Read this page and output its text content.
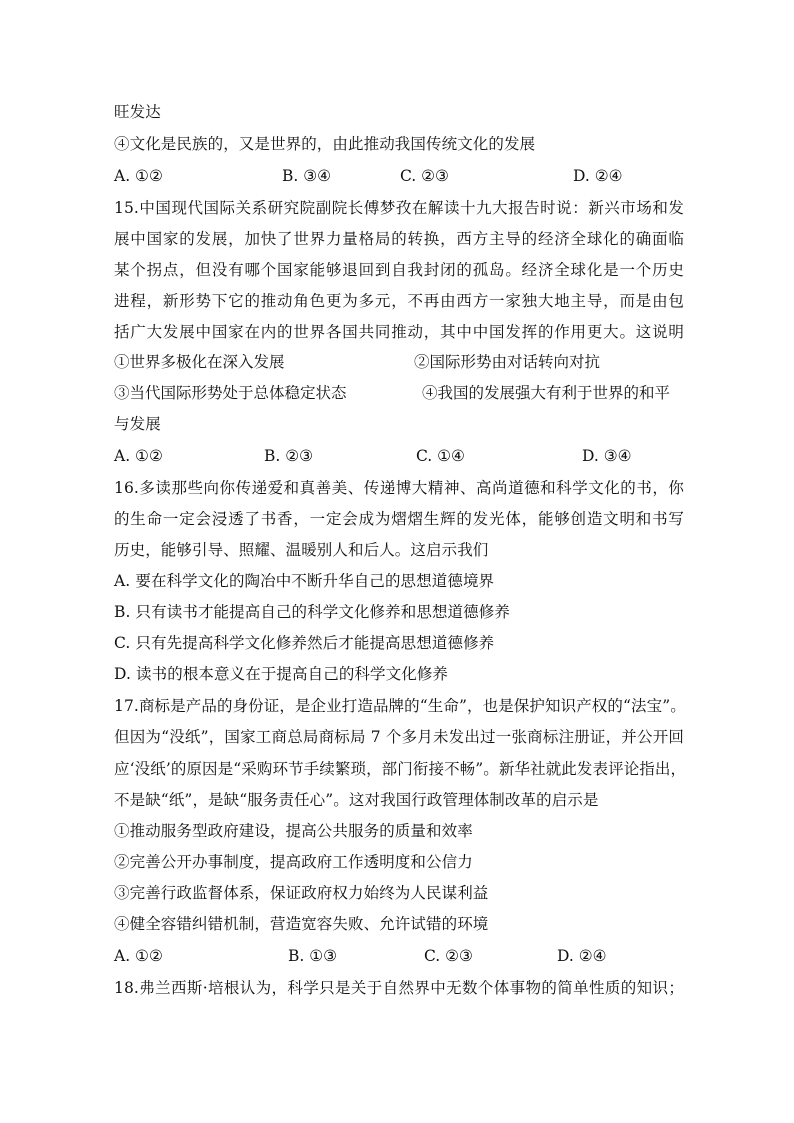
旺发达
④文化是民族的，又是世界的，由此推动我国传统文化的发展
A. ①②	B. ③④	C. ②③	D. ②④
15.中国现代国际关系研究院副院长傅梦孜在解读十九大报告时说：新兴市场和发
展中国家的发展，加快了世界力量格局的转换，西方主导的经济全球化的确面临
某个拐点，但没有哪个国家能够退回到自我封闭的孤岛。经济全球化是一个历史
进程，新形势下它的推动角色更为多元，不再由西方一家独大地主导，而是由包
括广大发展中国家在内的世界各国共同推动，其中中国发挥的作用更大。这说明
①世界多极化在深入发展	②国际形势由对话转向对抗
③当代国际形势处于总体稳定状态	④我国的发展强大有利于世界的和平
与发展
A. ①②	B. ②③	C. ①④	D. ③④
16.多读那些向你传递爱和真善美、传递博大精神、高尚道德和科学文化的书，你
的生命一定会浸透了书香，一定会成为熠熠生辉的发光体，能够创造文明和书写
历史，能够引导、照耀、温暖别人和后人。这启示我们
A. 要在科学文化的陶冶中不断升华自己的思想道德境界
B. 只有读书才能提高自己的科学文化修养和思想道德修养
C. 只有先提高科学文化修养然后才能提高思想道德修养
D. 读书的根本意义在于提高自己的科学文化修养
17.商标是产品的身份证，是企业打造品牌的“生命”，也是保护知识产权的“法宝”。
但因为“没纸”，国家工商总局商标局 7 个多月未发出过一张商标注册证，并公开回
应‘没纸’的原因是“采购环节手续繁琐，部门衔接不畅”。新华社就此发表评论指出，
不是缺“纸”，是缺“服务责任心”。这对我国行政管理体制改革的启示是
①推动服务型政府建设，提高公共服务的质量和效率
②完善公开办事制度，提高政府工作透明度和公信力
③完善行政监督体系，保证政府权力始终为人民谋利益
④健全容错纠错机制，营造宽容失败、允许试错的环境
A. ①②	B. ①③	C. ②③	D. ②④
18.弗兰西斯·培根认为，科学只是关于自然界中无数个体事物的简单性质的知识；
